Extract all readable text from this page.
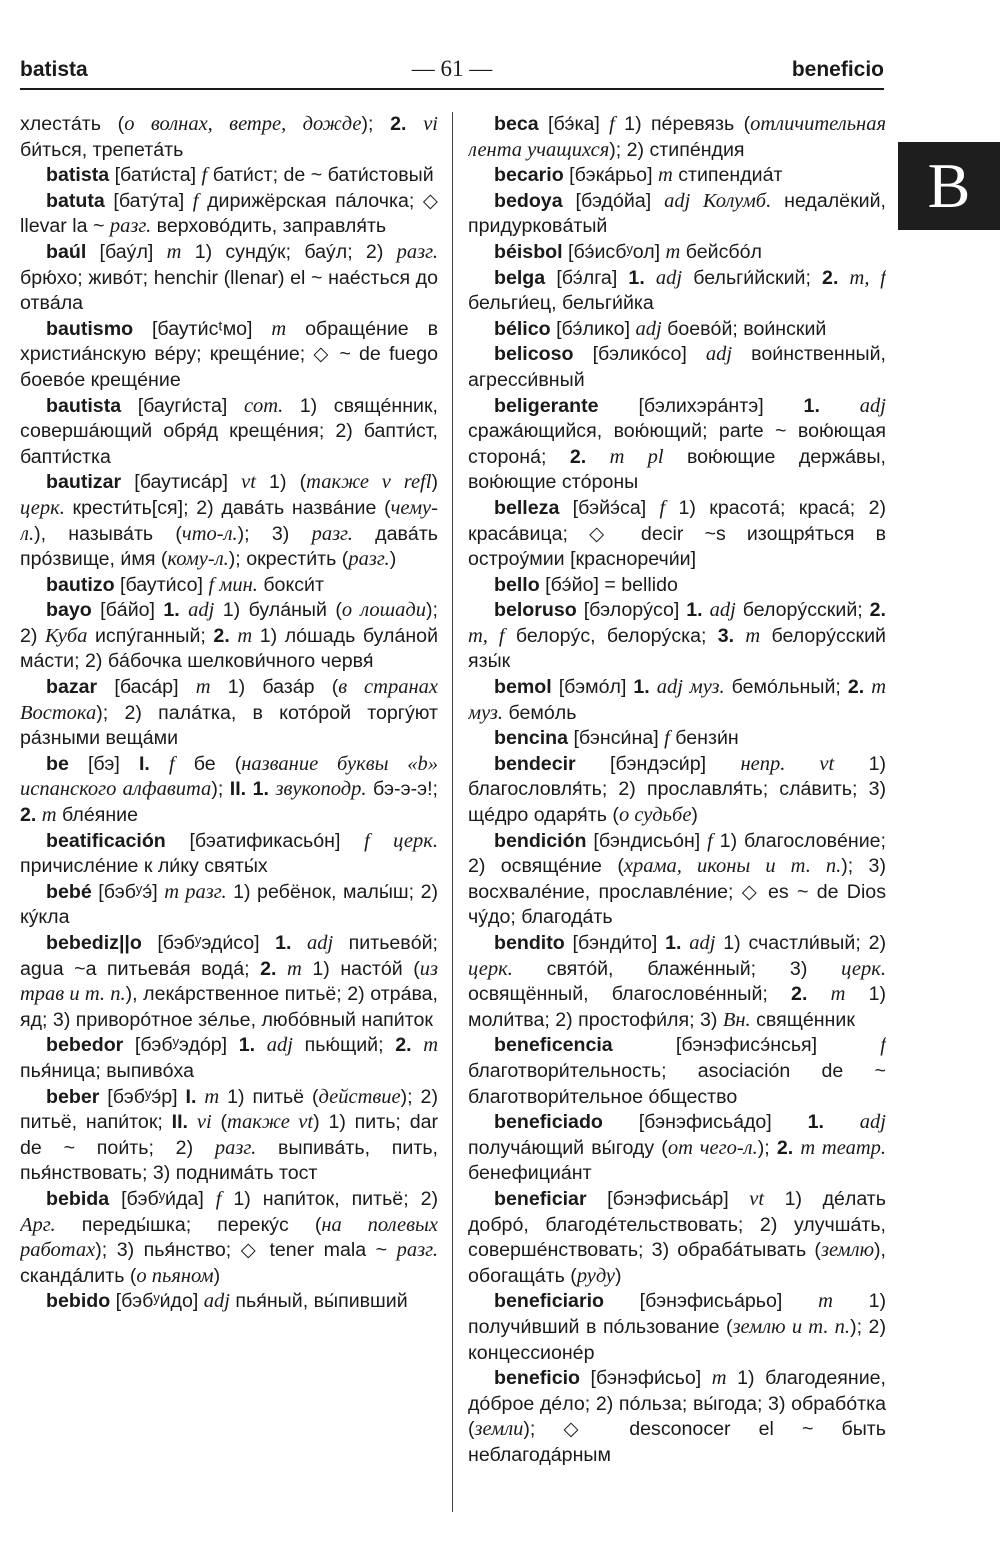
batista	— 61 —	beneficio
B

хлестáть (о волнах, ветре, дожде); 2. vi би́ться, трепетáть

batista [бати́ста] f бати́ст; de ~ бати́стовый

batuta [бату́та] f дирижёрская пáлочка; ◇ llevar la ~ разг. верховóдить, заправля́ть

baúl [баýл] m 1) сундýк; баýл; 2) разг. брю́хо; живóт; henchir (llenar) el ~ нае́сться до отвáла

bautismo [баути́сᵗмо] m обращéние в христиáнскую вéру; крещéние; ◇ ~ de fuego боевóе крещéние

bautista [бауги́ста] com. 1) свящéнник, совершáющий обря́д крещéния; 2) бапти́ст, бапти́стка

bautizar [баутисáр] vt 1) (также v refl) церк. крести́ть[ся]; 2) давáть назвáние (чему-л.), называ́ть (что-л.); 3) разг. давáть прóзвище, и́мя (кому-л.); окрести́ть (разг.)

bautizo [баути́со] f мин. бокси́т

bayo [бáйо] 1. adj 1) булáный (о лошади); 2) Куба испýганный; 2. m 1) лóшадь булáной мáсти; 2) бáбочка шелкови́чного червя́

bazar [басáр] m 1) базáр (в странах Востока); 2) палáтка, в котóрой торгýют рáзными вещáми

be [бэ] I. f бе (название буквы «b» испанского алфавита); II. 1. звукоподр. бэ-э-э!; 2. m блéяние

beatificación [бэатифик​асьóн] f церк. причислéние к ли́ку святы́х

bebé [бэбʸэ́] m разг. 1) ребёнок, малы́ш; 2) кýкла

bebediz||o [бэбʸэди́со] 1. adj питьевóй; agua ~a питьевáя водá; 2. m 1) настóй (из трав и т. п.), лекáрственное питьё; 2) отрáва, яд; 3) приворóтное зéлье, любóвный напи́ток

bebedor [бэбʸэдóр] 1. adj пью́щий; 2. m пья́ница; выпивóха

beber [бэбʸэ́р] I. m 1) питьё (действие); 2) питьё, напи́ток; II. vi (также vt) 1) пить; dar de ~ пои́ть; 2) разг. выпивáть, пить, пья́нствовать; 3) поднимáть тост

bebida [бэбʸи́да] f 1) напи́ток, питьё; 2) Арг. переды́шка; перекýс (на полевых работах); 3) пья́нство; ◇ tener mala ~ разг. скандáлить (о пьяном)

bebido [бэбʸи́до] adj пья́ный, вы́пивший

beca [бэ́ка] f 1) пéревязь (отличительная лента учащихся); 2) стипéндия

becario [бэкáрьо] m стипендиáт

bedoya [бэдóйа] adj Колумб. недалёкий, придурковáтый

béisbol [бэ́исбʸол] m бейсбóл

belga [бэ́лга] 1. adj бельги́йский; 2. m, f бельги́ец, бельги́йка

bélico [бэ́лико] adj боевóй; вои́нский

belicoso [бэликóсо] adj вои́нственный, агресси́вный

beligerante [бэлихэрáнтэ] 1. adj сражáющийся, вою́ющий; parte ~ вою́ющая сторонá; 2. m pl вою́ющие держáвы, вою́ющие стóроны

belleza [бэйэ́са] f 1) красотá; красá; 2) красáвица; ◇ decir ~s изощря́ться в остроýмии [красноречи́и]

bello [бэ́йо] = bellido

beloruso [бэлорýсо] 1. adj белорýсский; 2. m, f белорýс, белорýска; 3. m белорýсский язы́к

bemol [бэмóл] 1. adj муз. бемóльный; 2. m муз. бемóль

bencina [бэнси́на] f бензи́н

bendecir [бэндэси́р] непр. vt 1) благословля́ть; 2) прославля́ть; слáвить; 3) щéдро одаря́ть (о судьбе)

bendición [бэндисьóн] f 1) благословéние; 2) освящéние (храма, иконы и т. п.); 3) восхвалéние, прославлéние; ◇ es ~ de Dios чýдо; благодáть

bendito [бэнди́то] 1. adj 1) счастли́вый; 2) церк. святóй, блажéнный; 3) церк. освящённый, благословéнный; 2. m 1) моли́тва; 2) простофи́ля; 3) Вн. свящéнник

beneficencia [бэнэфисэ́нсья] f благотвори́тельность; asociación de ~ благотвори́тельное óбщество

beneficiado [бэнэфисьáдо] 1. adj получáющий вы́году (от чего-л.); 2. m театр. бенефициáнт

beneficiar [бэнэфисьáр] vt 1) дéлать добрó, благодéтельствовать; 2) улучшáть, совершéнствовать; 3) обрабáтывать (землю), обогащáть (руду)

beneficiario [бэнэфисьáрьо] m 1) получи́вший в пóльзование (землю и т. п.); 2) концессионéр

beneficio [бэнэфи́сьо] m 1) благодеяние, дóброе дéло; 2) пóльза; вы́года; 3) обрабóтка (земли); ◇ desconocer el ~ быть неблагодáрным
